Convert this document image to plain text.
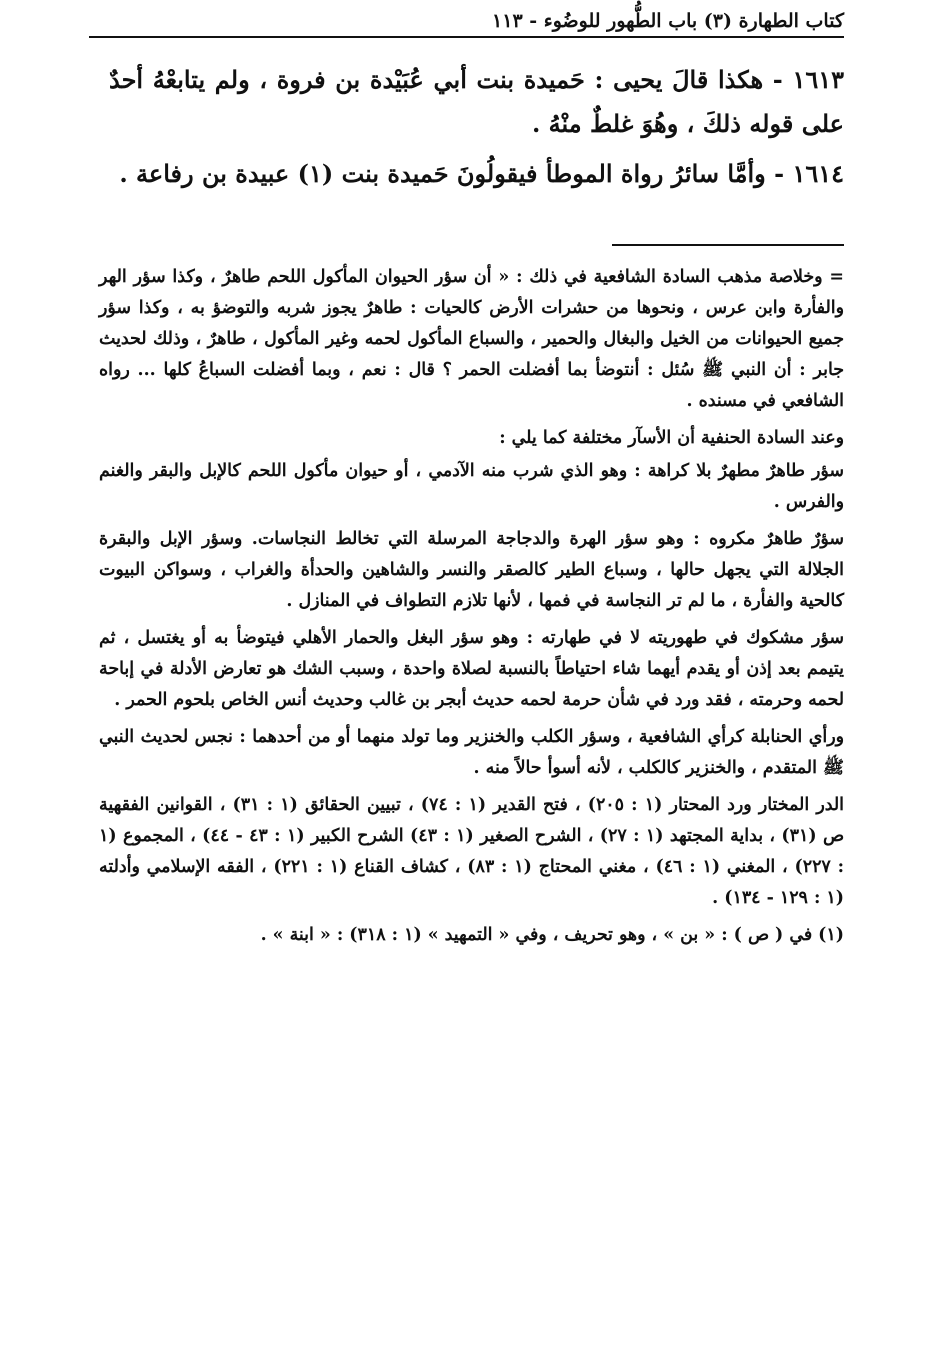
كتاب الطهارة (٣) باب الطُّهور للوضُوء - ١١٣

١٦١٣ - هكذا قالَ يحيى : حَميدة بنت أبي عُبَيْدة بن فروة ، ولم يتابعْهُ أحدٌ على قوله ذلكَ ، وهُوَ غلطٌ منْهُ .

١٦١٤ - وأمَّا سائرُ رواة الموطأ فيقولُونَ حَميدة بنت (١) عبيدة بن رفاعة .

= وخلاصة مذهب السادة الشافعية في ذلك : « أن سؤر الحيوان المأكول اللحم طاهرٌ ، وكذا سؤر الهر والفأرة وابن عرس ، ونحوها من حشرات الأرض كالحيات : طاهرٌ يجوز شربه والتوضؤ به ، وكذا سؤر جميع الحيوانات من الخيل والبغال والحمير ، والسباع المأكول لحمه وغير المأكول ، طاهرٌ ، وذلك لحديث جابر : أن النبي ﷺ سُئل : أنتوضأ بما أفضلت الحمر ؟ قال : نعم ، وبما أفضلت السباعُ كلها ... رواه الشافعي في مسنده .

وعند السادة الحنفية أن الأسآر مختلفة كما يلي :

سؤر طاهرٌ مطهرٌ بلا كراهة : وهو الذي شرب منه الآدمي ، أو حيوان مأكول اللحم كالإبل والبقر والغنم والفرس .

سؤرٌ طاهرٌ مكروه : وهو سؤر الهرة والدجاجة المرسلة التي تخالط النجاسات. وسؤر الإبل والبقرة الجلالة التي يجهل حالها ، وسباع الطير كالصقر والنسر والشاهين والحدأة والغراب ، وسواكن البيوت كالحية والفأرة ، ما لم تر النجاسة في فمها ، لأنها تلازم التطواف في المنازل .

سؤر مشكوك في طهوريته لا في طهارته : وهو سؤر البغل والحمار الأهلي فيتوضأ به أو يغتسل ، ثم يتيمم بعد إذن أو يقدم أيهما شاء احتياطاً بالنسبة لصلاة واحدة ، وسبب الشك هو تعارض الأدلة في إباحة لحمه وحرمته ، فقد ورد في شأن حرمة لحمه حديث أبجر بن غالب وحديث أنس الخاص بلحوم الحمر .

ورأي الحنابلة كرأي الشافعية ، وسؤر الكلب والخنزير وما تولد منهما أو من أحدهما : نجس لحديث النبي ﷺ المتقدم ، والخنزير كالكلب ، لأنه أسوأ حالاً منه .

الدر المختار ورد المحتار (١ : ٢٠٥) ، فتح القدير (١ : ٧٤) ، تبيين الحقائق (١ : ٣١) ، القوانين الفقهية ص (٣١) ، بداية المجتهد (١ : ٢٧) ، الشرح الصغير (١ : ٤٣) الشرح الكبير (١ : ٤٣ - ٤٤) ، المجموع (١ : ٢٢٧) ، المغني (١ : ٤٦) ، مغني المحتاج (١ : ٨٣) ، كشاف القناع (١ : ٢٢١) ، الفقه الإسلامي وأدلته (١ : ١٢٩ - ١٣٤) .

(١) في ( ص ) : « بن » ، وهو تحريف ، وفي « التمهيد » (١ : ٣١٨) : « ابنة » .
